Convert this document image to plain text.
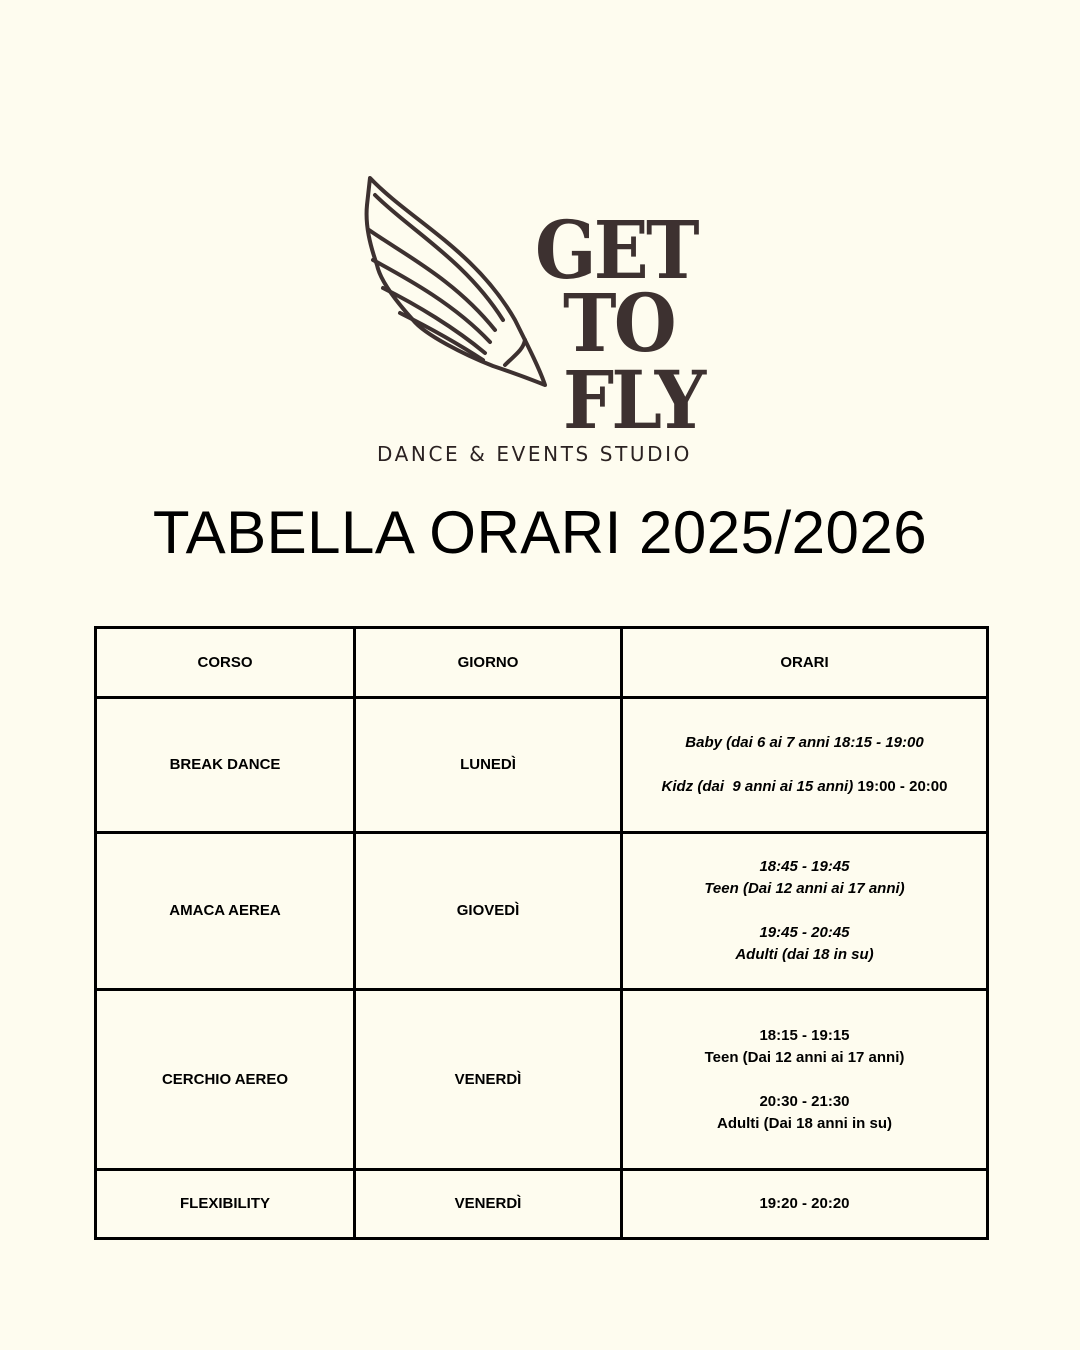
GET
TO
FLY
DANCE & EVENTS STUDIO
TABELLA ORARI 2025/2026
CORSO	GIORNO	ORARI
BREAK DANCE	LUNEDÌ	Baby (dai 6 ai 7 anni 18:15 - 19:00
Kidz (dai  9 anni ai 15 anni) 19:00 - 20:00

AMACA AEREA	GIOVEDÌ	18:45 - 19:45
Teen (Dai 12 anni ai 17 anni)
19:45 - 20:45
Adulti (dai 18 in su)

CERCHIO AEREO	VENERDÌ	18:15 - 19:15
Teen (Dai 12 anni ai 17 anni)
20:30 - 21:30
Adulti (Dai 18 anni in su)

FLEXIBILITY	VENERDÌ	19:20 - 20:20
